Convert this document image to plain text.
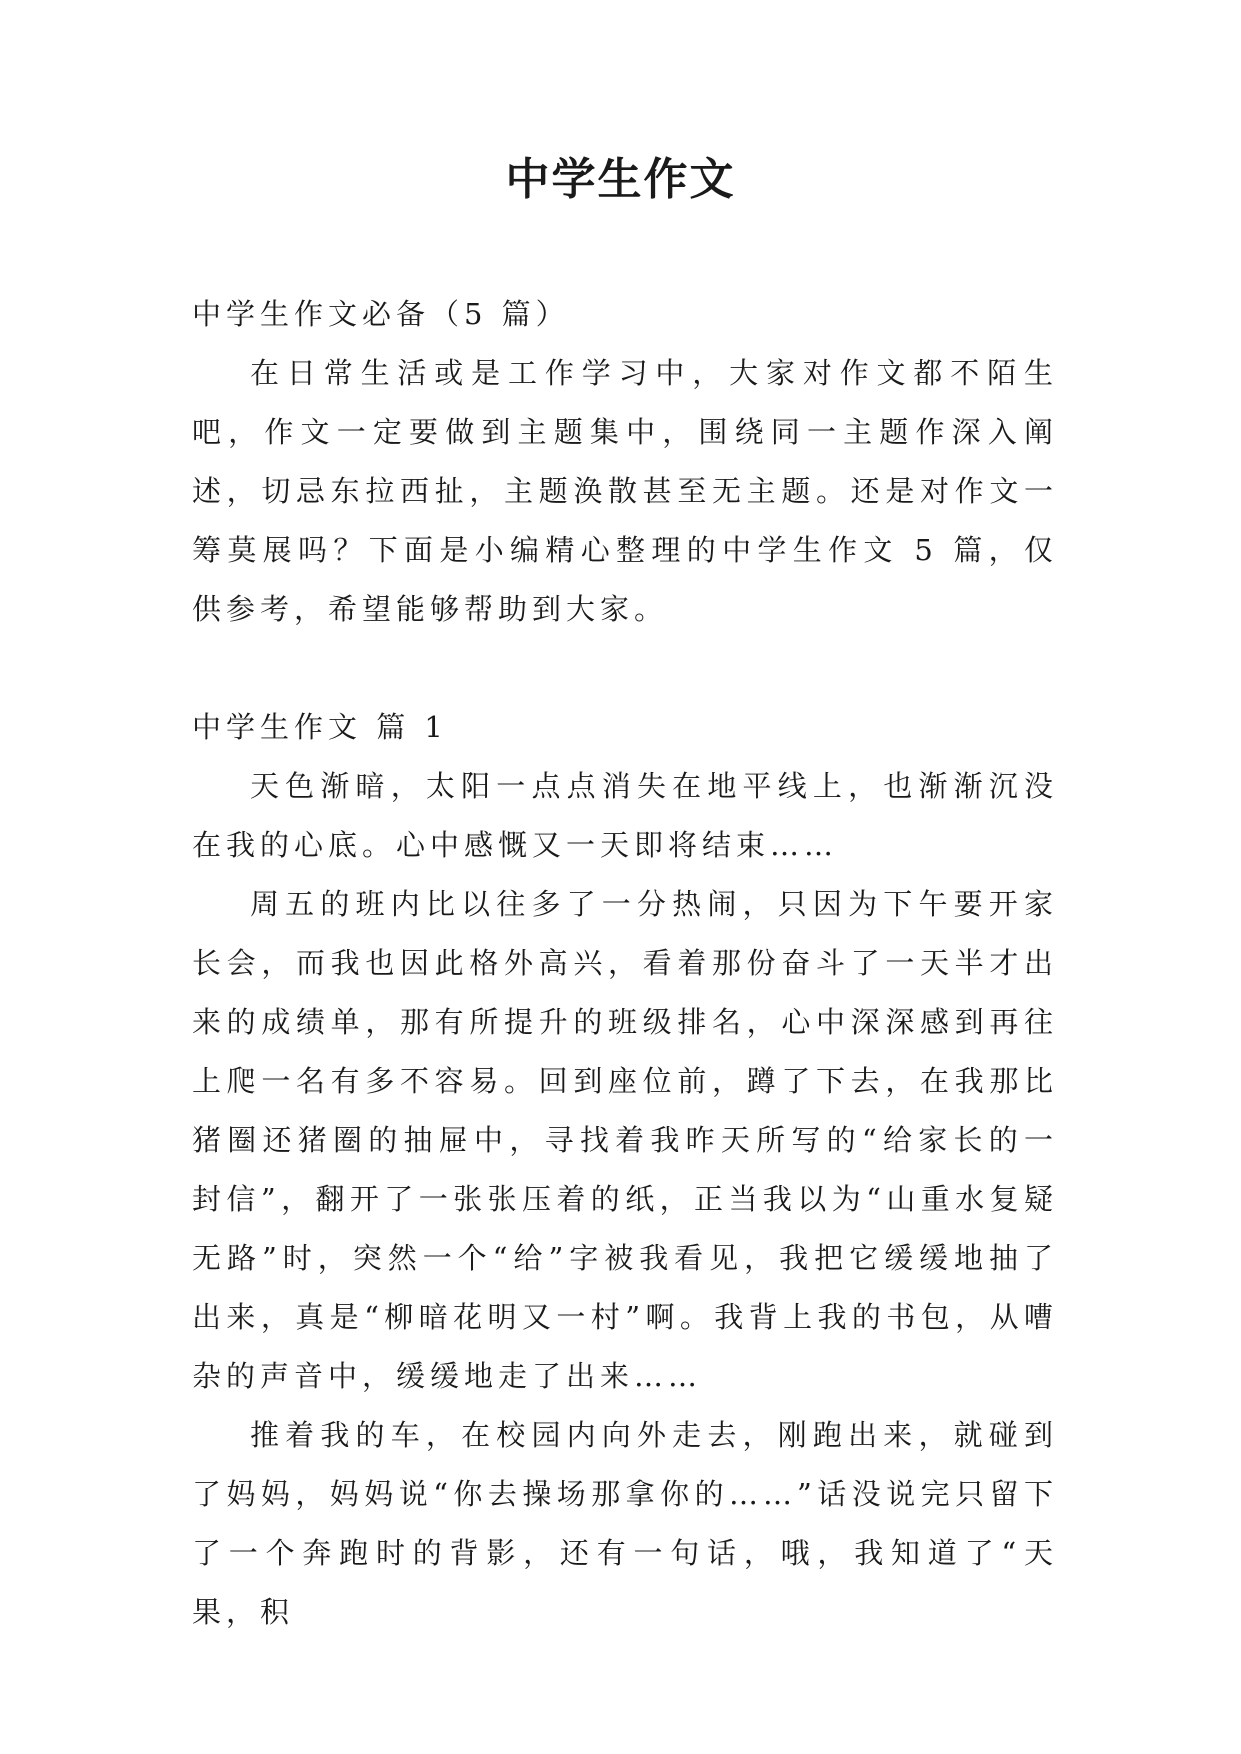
中学生作文
中学生作文必备（5 篇）

在日常生活或是工作学习中，大家对作文都不陌生吧，作文一定要做到主题集中，围绕同一主题作深入阐述，切忌东拉西扯，主题涣散甚至无主题。还是对作文一筹莫展吗？下面是小编精心整理的中学生作文 5 篇，仅供参考，希望能够帮助到大家。

中学生作文 篇 1

天色渐暗，太阳一点点消失在地平线上，也渐渐沉没在我的心底。心中感慨又一天即将结束……

周五的班内比以往多了一分热闹，只因为下午要开家长会，而我也因此格外高兴，看着那份奋斗了一天半才出来的成绩单，那有所提升的班级排名，心中深深感到再往上爬一名有多不容易。回到座位前，蹲了下去，在我那比猪圈还猪圈的抽屉中，寻找着我昨天所写的“给家长的一封信”，翻开了一张张压着的纸，正当我以为“山重水复疑无路”时，突然一个“给”字被我看见，我把它缓缓地抽了出来，真是“柳暗花明又一村”啊。我背上我的书包，从嘈杂的声音中，缓缓地走了出来……

推着我的车，在校园内向外走去，刚跑出来，就碰到了妈妈，妈妈说“你去操场那拿你的……”话没说完只留下了一个奔跑时的背影，还有一句话，哦，我知道了“天果，积
